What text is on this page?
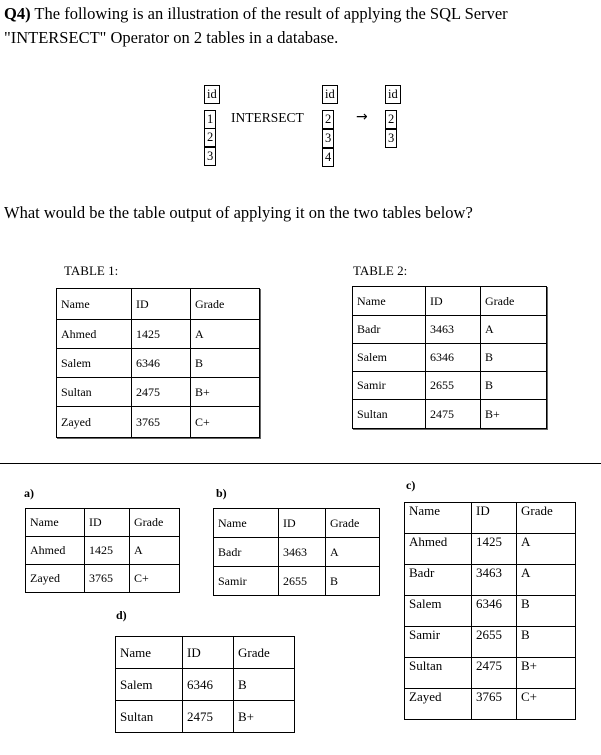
Q4) The following is an illustration of the result of applying the SQL Server "INTERSECT" Operator on 2 tables in a database.
id
1
2
3
INTERSECT
id
2
3
4
→
id
2
3
What would be the table output of applying it on the two tables below?
TABLE 1:
Name	ID	Grade
Ahmed	1425	A
Salem	6346	B
Sultan	2475	B+
Zayed	3765	C+
TABLE 2:
Name	ID	Grade
Badr	3463	A
Salem	6346	B
Samir	2655	B
Sultan	2475	B+
a)
Name	ID	Grade
Ahmed	1425	A
Zayed	3765	C+
b)
Name	ID	Grade
Badr	3463	A
Samir	2655	B
c)
Name	ID	Grade
Ahmed	1425	A
Badr	3463	A
Salem	6346	B
Samir	2655	B
Sultan	2475	B+
Zayed	3765	C+
d)
Name	ID	Grade
Salem	6346	B
Sultan	2475	B+
